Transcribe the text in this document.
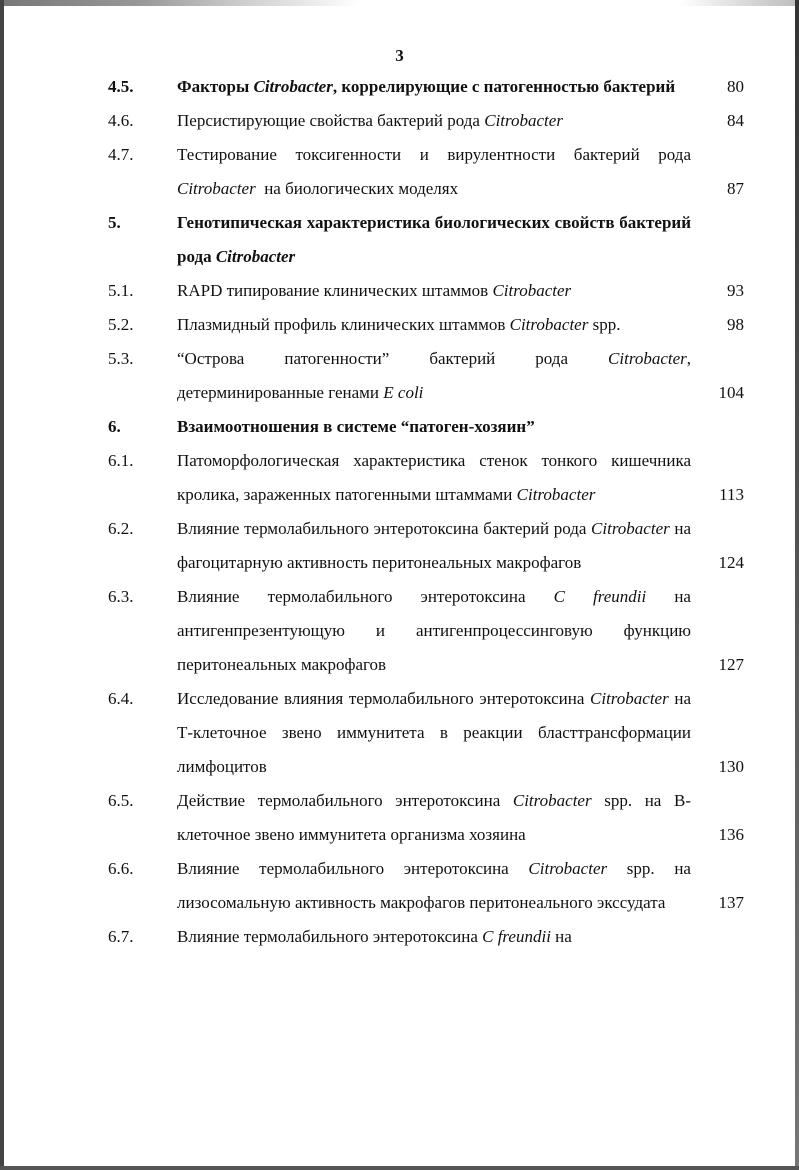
3
4.5.	Факторы Citrobacter, коррелирующие с патогенностью бактерий	80
4.6.	Персистирующие свойства бактерий рода Citrobacter	84
4.7.	Тестирование токсигенности и вирулентности бактерий рода Citrobacter  на биологических моделях	87
5.	Генотипическая характеристика биологических свойств бактерий рода Citrobacter
5.1.	RAPD типирование клинических штаммов Citrobacter	93
5.2.	Плазмидный профиль клинических штаммов Citrobacter spp.	98
5.3.	“Острова патогенности” бактерий рода Citrobacter, детерминированные генами E coli	104
6.	Взаимоотношения в системе “патоген-хозяин”
6.1.	Патоморфологическая характеристика стенок тонкого кишечника кролика, зараженных патогенными штаммами Citrobacter	113
6.2.	Влияние термолабильного энтеротоксина бактерий рода Citrobacter на фагоцитарную активность перитонеальных макрофагов	124
6.3.	Влияние термолабильного энтеротоксина C freundii на антигенпрезентующую и антигенпроцессинговую функцию перитонеальных макрофагов	127
6.4.	Исследование влияния термолабильного энтеротоксина Citrobacter на Т-клеточное звено иммунитета в реакции бласттрансформации лимфоцитов	130
6.5.	Действие термолабильного энтеротоксина Citrobacter spp. на В-клеточное звено иммунитета организма хозяина	136
6.6.	Влияние термолабильного энтеротоксина Citrobacter spp. на лизосомальную активность макрофагов перитонеального экссудата	137
6.7.	Влияние термолабильного энтеротоксина C freundii на
